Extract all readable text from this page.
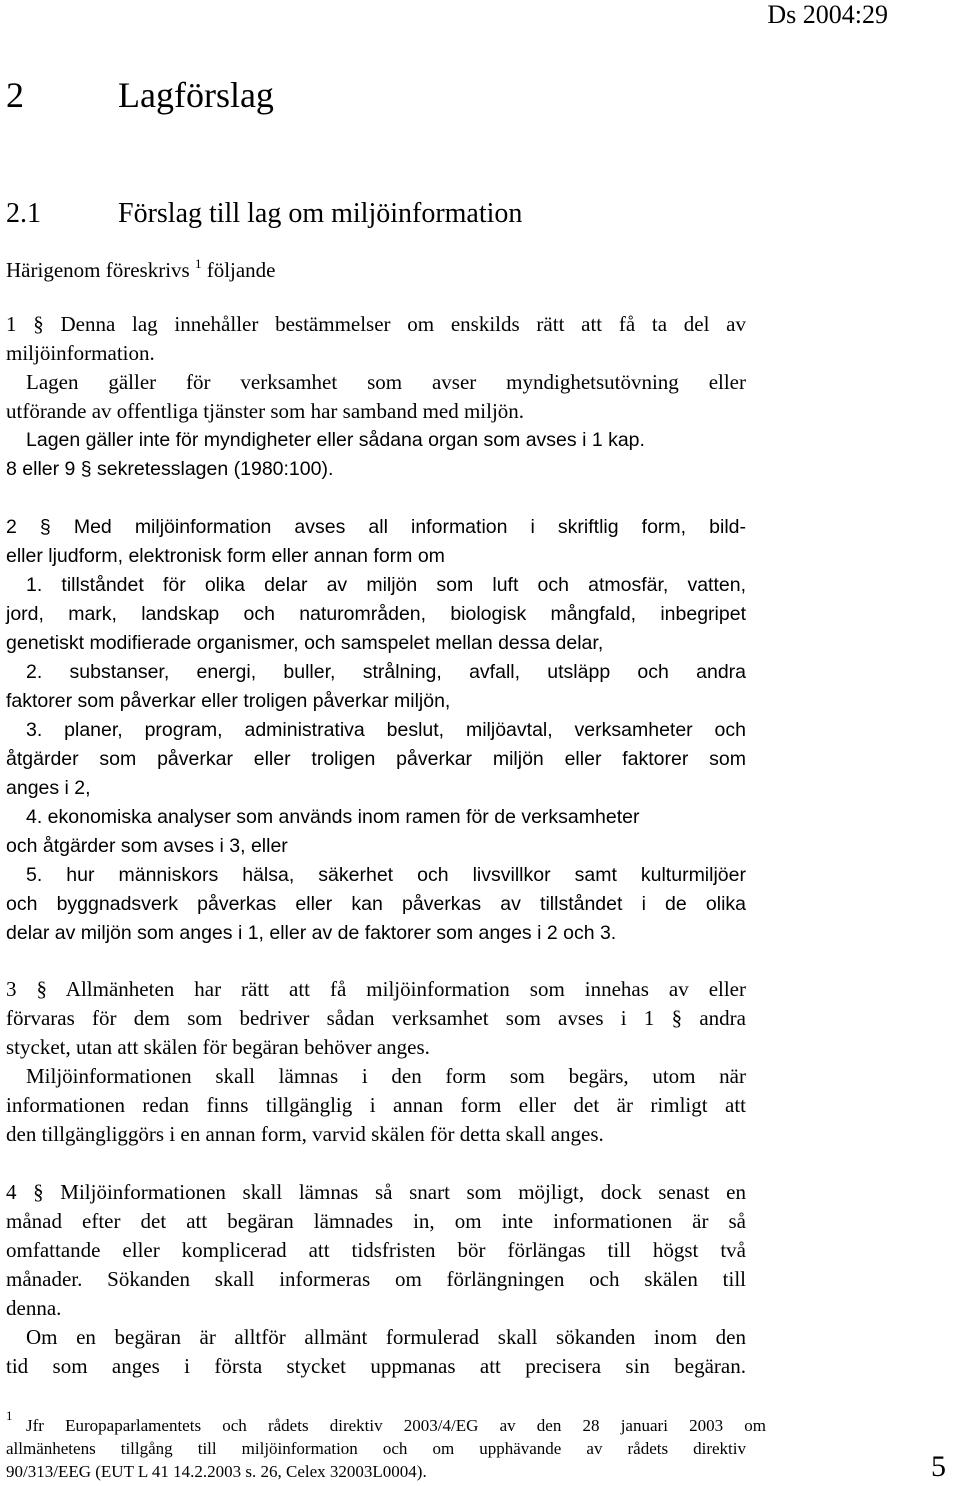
Ds 2004:29
2	Lagförslag
2.1	Förslag till lag om miljöinformation
Härigenom föreskrivs $^1$ följande
1 § Denna lag innehåller bestämmelser om enskilds rätt att få ta del av
miljöinformation.
Lagen gäller för verksamhet som avser myndighetsutövning eller
utförande av offentliga tjänster som har samband med miljön.
Lagen gäller inte för myndigheter eller sådana organ som avses i 1 kap.
8 eller 9 § sekretesslagen (1980:100).
2 § Med miljöinformation avses all information i skriftlig form, bild-
eller ljudform, elektronisk form eller annan form om
1. tillståndet för olika delar av miljön som luft och atmosfär, vatten,
jord, mark, landskap och naturområden, biologisk mångfald, inbegripet
genetiskt modifierade organismer, och samspelet mellan dessa delar,
2. substanser, energi, buller, strålning, avfall, utsläpp och andra
faktorer som påverkar eller troligen påverkar miljön,
3. planer, program, administrativa beslut, miljöavtal, verksamheter och
åtgärder som påverkar eller troligen påverkar miljön eller faktorer som
anges i 2,
4. ekonomiska analyser som används inom ramen för de verksamheter
och åtgärder som avses i 3, eller
5. hur människors hälsa, säkerhet och livsvillkor samt kulturmiljöer
och byggnadsverk påverkas eller kan påverkas av tillståndet i de olika
delar av miljön som anges i 1, eller av de faktorer som anges i 2 och 3.
3 § Allmänheten har rätt att få miljöinformation som innehas av eller
förvaras för dem som bedriver sådan verksamhet som avses i 1 § andra
stycket, utan att skälen för begäran behöver anges.
Miljöinformationen skall lämnas i den form som begärs, utom när
informationen redan finns tillgänglig i annan form eller det är rimligt att
den tillgängliggörs i en annan form, varvid skälen för detta skall anges.
4 § Miljöinformationen skall lämnas så snart som möjligt, dock senast en
månad efter det att begäran lämnades in, om inte informationen är så
omfattande eller komplicerad att tidsfristen bör förlängas till högst två
månader. Sökanden skall informeras om förlängningen och skälen till
denna.
Om en begäran är alltför allmänt formulerad skall sökanden inom den
tid som anges i första stycket uppmanas att precisera sin begäran.
1
Jfr Europaparlamentets och rådets direktiv 2003/4/EG av den 28 januari 2003 om
allmänhetens tillgång till miljöinformation och om upphävande av rådets direktiv
90/313/EEG (EUT L 41 14.2.2003 s. 26, Celex 32003L0004).	5
